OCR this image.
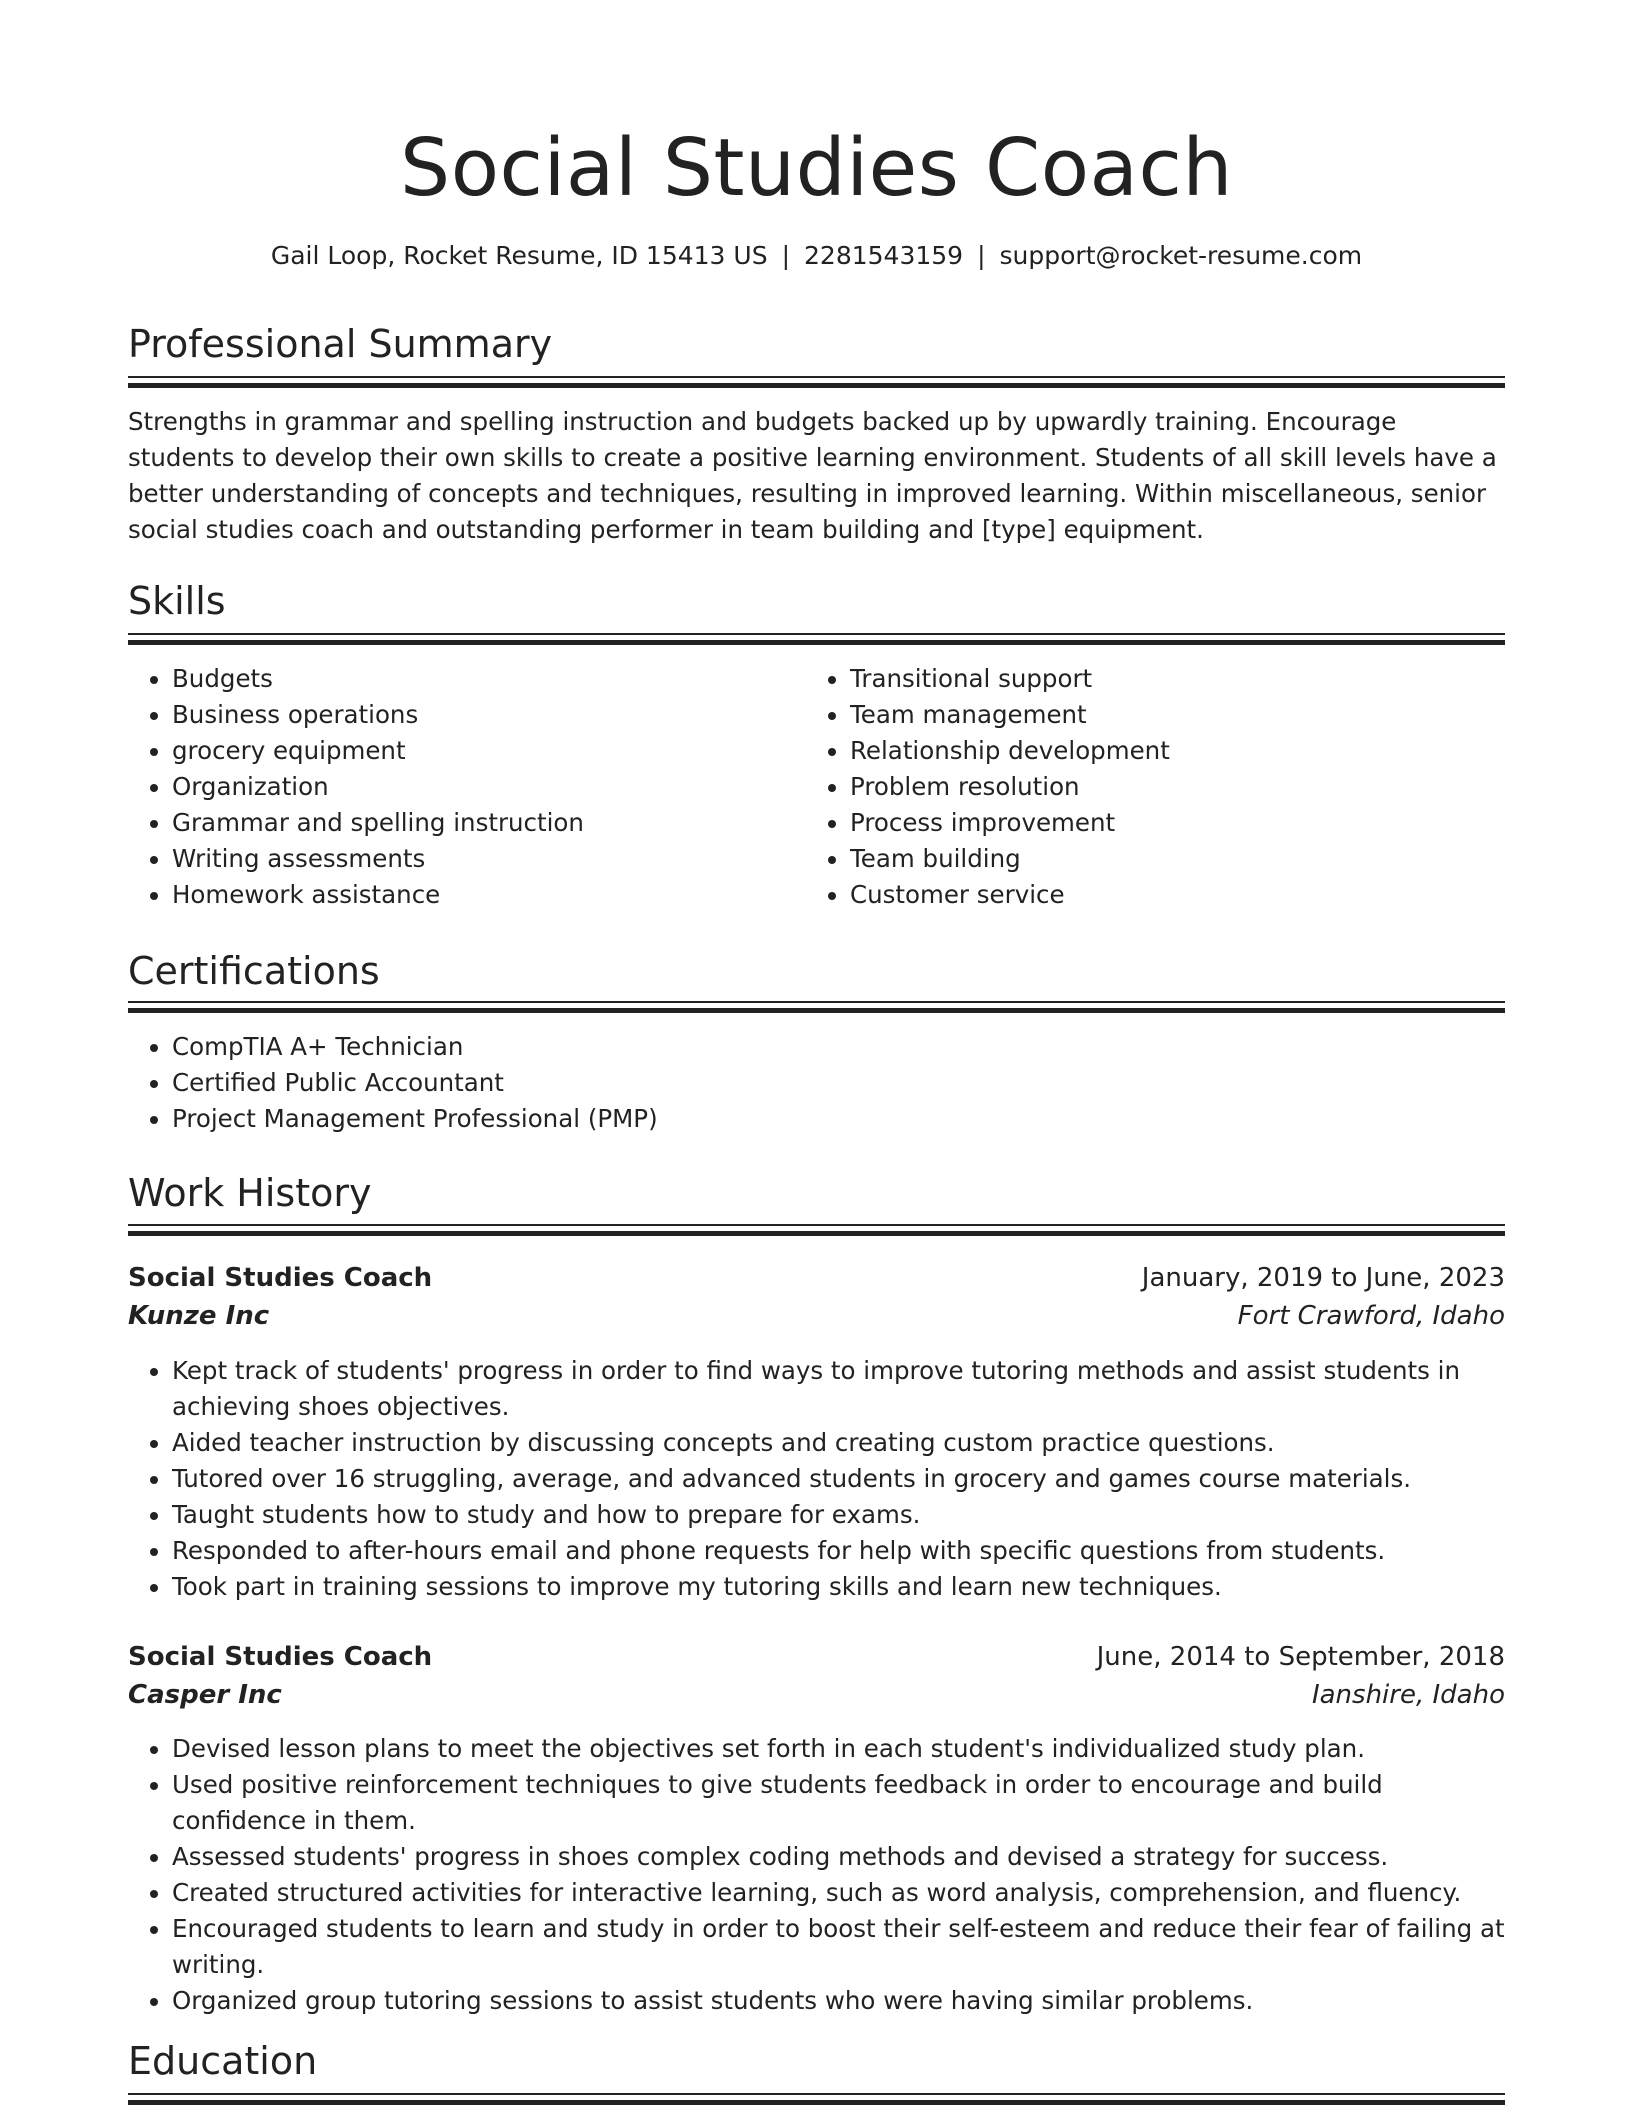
Social Studies Coach
Gail Loop, Rocket Resume, ID 15413 US | 2281543159 | support@rocket-resume.com
Professional Summary

Strengths in grammar and spelling instruction and budgets backed up by upwardly training. Encourage students to develop their own skills to create a positive learning environment. Students of all skill levels have a better understanding of concepts and techniques, resulting in improved learning. Within miscellaneous, senior social studies coach and outstanding performer in team building and [type] equipment.

Skills
• Budgets
• Business operations
• grocery equipment
• Organization
• Grammar and spelling instruction
• Writing assessments
• Homework assistance
• Transitional support
• Team management
• Relationship development
• Problem resolution
• Process improvement
• Team building
• Customer service
Certifications
• CompTIA A+ Technician
• Certified Public Accountant
• Project Management Professional (PMP)
Work History
Social Studies Coach	January, 2019 to June, 2023
Kunze Inc	Fort Crawford, Idaho
• Kept track of students' progress in order to find ways to improve tutoring methods and assist students in achieving shoes objectives.
• Aided teacher instruction by discussing concepts and creating custom practice questions.
• Tutored over 16 struggling, average, and advanced students in grocery and games course materials.
• Taught students how to study and how to prepare for exams.
• Responded to after-hours email and phone requests for help with specific questions from students.
• Took part in training sessions to improve my tutoring skills and learn new techniques.
Social Studies Coach	June, 2014 to September, 2018
Casper Inc	Ianshire, Idaho
• Devised lesson plans to meet the objectives set forth in each student's individualized study plan.
• Used positive reinforcement techniques to give students feedback in order to encourage and build confidence in them.
• Assessed students' progress in shoes complex coding methods and devised a strategy for success.
• Created structured activities for interactive learning, such as word analysis, comprehension, and fluency.
• Encouraged students to learn and study in order to boost their self-esteem and reduce their fear of failing at writing.
• Organized group tutoring sessions to assist students who were having similar problems.
Education
